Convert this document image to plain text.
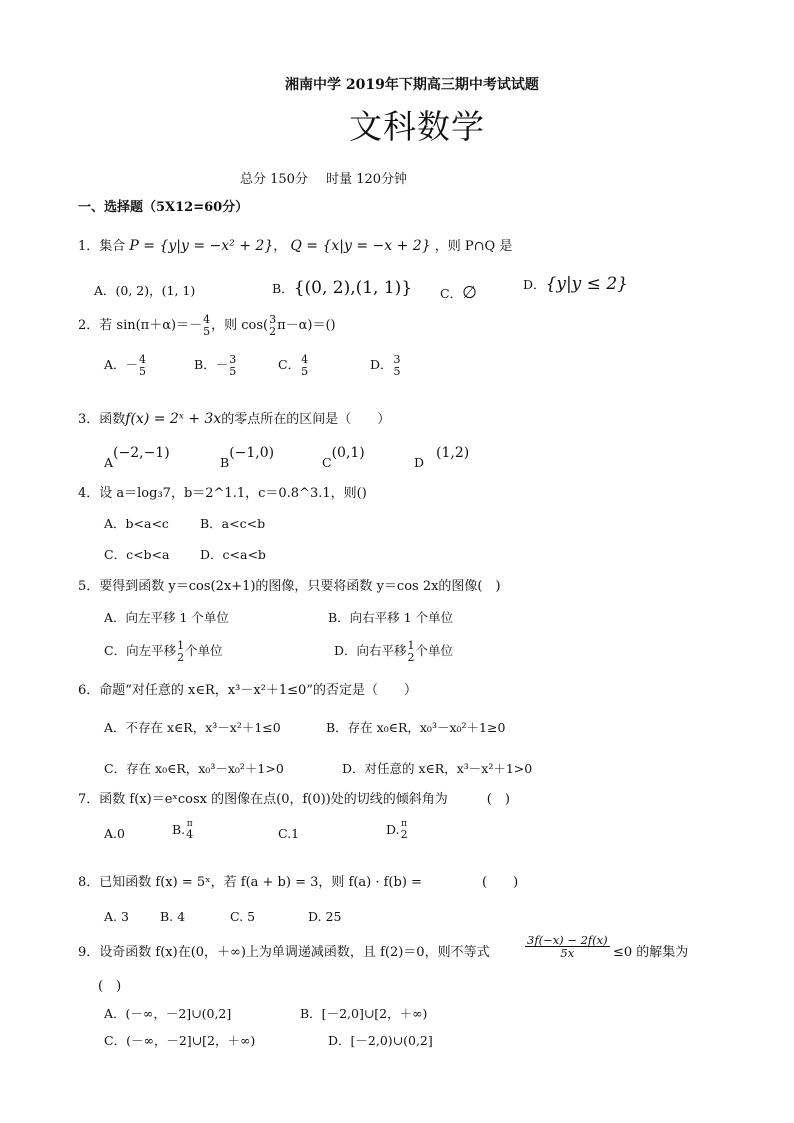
湘南中学 2019年下期高三期中考试试题
文科数学
总分 150分 时量 120分钟
一、选择题（5X12=60分）
1．集合 P = {y|y = −x² + 2}， Q = {x|y = −x + 2} ，则 P∩Q 是
A．(0, 2)，(1, 1)	B．{(0, 2),(1, 1)} C．∅	D．{y|y ≤ 2}
2．若 sin(π＋α)＝－ 4
5 ，则 cos( 3
2 π－α)＝()
A．－ 4
5	B．－ 3
5	C． 4
5	D． 3
5
3．函数f(x) = 2ˣ + 3x的零点所在的区间是（　　）
A(−2,−1)
B(−1,0)
C(0,1)
D(1,2)
4．设 a＝log₃7，b＝2^1.1，c＝0.8^3.1，则()
A．b<a<c B．a<c<b
C．c<b<a D．c<a<b
5．要得到函数 y＝cos(2x+1)的图像，只要将函数 y＝cos 2x的图像(　)
A．向左平移 1 个单位	B．向右平移 1 个单位
C．向左平移 1
2 个单位	D．向右平移 1
2 个单位
6．命题“对任意的 x∈R，x³－x²＋1≤0”的否定是（　　）
A．不存在 x∈R，x³－x²＋1≤0	B．存在 x₀∈R，x₀³－x₀²＋1≥0
C．存在 x₀∈R，x₀³－x₀²＋1>0	D．对任意的 x∈R，x³－x²＋1>0
7．函数 f(x)＝eˣcosx 的图像在点(0，f(0))处的切线的倾斜角为　　　(　)
A.0	B. π
4	C.1	D. π
2
8．已知函数 f(x) = 5ˣ，若 f(a + b) = 3，则 f(a) · f(b) =	(　　)
A. 3 B. 4	C. 5	D. 25
9．设奇函数 f(x)在(0，＋∞)上为单调递减函数，且 f(2)＝0，则不等式	$\frac{3f(-x) - 2f(x)}{5x} \le 0$ 的解集为
(　)
A．(－∞，－2]∪(0,2]	B．[－2,0]∪[2，＋∞)
C．(－∞，－2]∪[2，＋∞)	D．[－2,0)∪(0,2]
